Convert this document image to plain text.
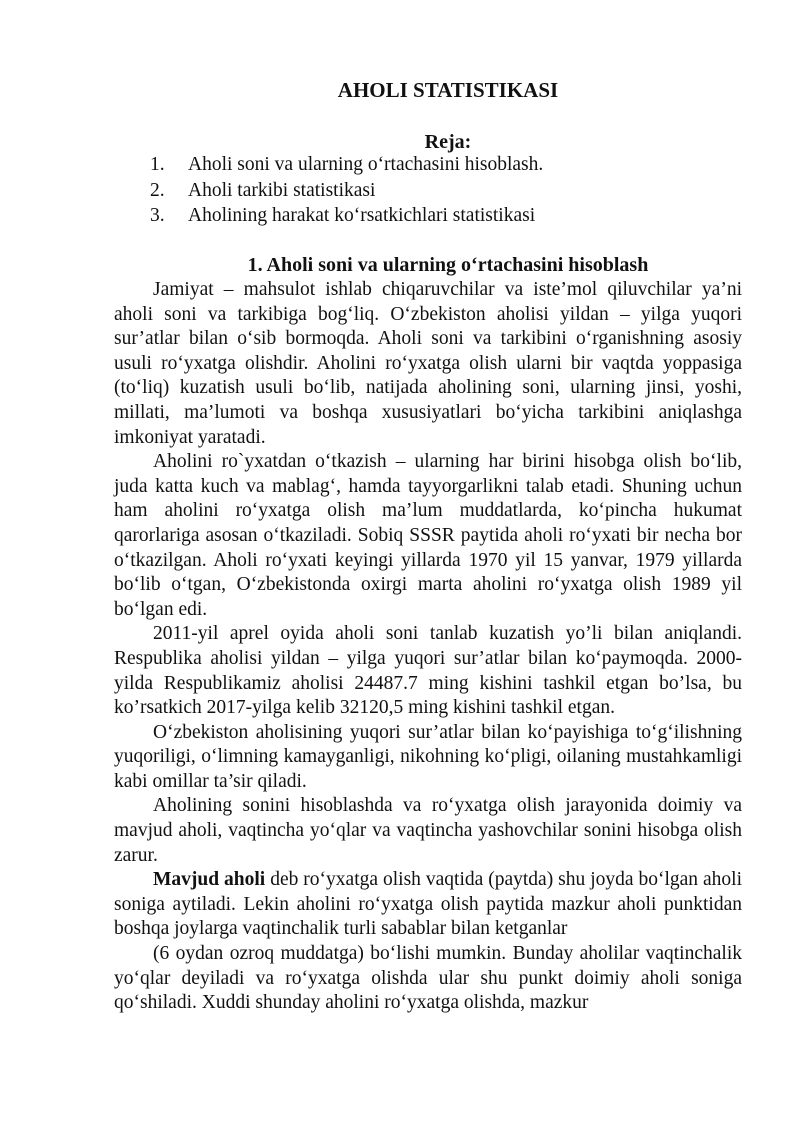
AHOLI STATISTIKASI
Reja:
1. Aholi soni va ularning o‘rtachasini hisoblash.
2. Aholi tarkibi statistikasi
3. Aholining harakat ko‘rsatkichlari statistikasi
1. Aholi soni va ularning o‘rtachasini hisoblash

Jamiyat – mahsulot ishlab chiqaruvchilar va iste’mol qiluvchilar ya’ni aholi soni va tarkibiga bog‘liq. O‘zbekiston aholisi yildan – yilga yuqori sur’atlar bilan o‘sib bormoqda. Aholi soni va tarkibini o‘rganishning asosiy usuli ro‘yxatga olishdir. Aholini ro‘yxatga olish ularni bir vaqtda yoppasiga (to‘liq) kuzatish usuli bo‘lib, natijada aholining soni, ularning jinsi, yoshi, millati, ma’lumoti va boshqa xususiyatlari bo‘yicha tarkibini aniqlashga imkoniyat yaratadi.

Aholini ro`yxatdan o‘tkazish – ularning har birini hisobga olish bo‘lib, juda katta kuch va mablag‘, hamda tayyorgarlikni talab etadi. Shuning uchun ham aholini ro‘yxatga olish ma’lum muddatlarda, ko‘pincha hukumat qarorlariga asosan o‘tkaziladi. Sobiq SSSR paytida aholi ro‘yxati bir necha bor o‘tkazilgan. Aholi ro‘yxati keyingi yillarda 1970 yil 15 yanvar, 1979 yillarda bo‘lib o‘tgan, O‘zbekistonda oxirgi marta aholini ro‘yxatga olish 1989 yil bo‘lgan edi.

2011-yil aprel oyida aholi soni tanlab kuzatish yo’li bilan aniqlandi. Respublika aholisi yildan – yilga yuqori sur’atlar bilan ko‘paymoqda. 2000-yilda Respublikamiz aholisi 24487.7 ming kishini tashkil etgan bo’lsa, bu ko’rsatkich 2017-yilga kelib 32120,5 ming kishini tashkil etgan.

O‘zbekiston aholisining yuqori sur’atlar bilan ko‘payishiga to‘g‘ilishning yuqoriligi, o‘limning kamayganligi, nikohning ko‘pligi, oilaning mustahkamligi kabi omillar ta’sir qiladi.

Aholining sonini hisoblashda va ro‘yxatga olish jarayonida doimiy va mavjud aholi, vaqtincha yo‘qlar va vaqtincha yashovchilar sonini hisobga olish zarur.

Mavjud aholi deb ro‘yxatga olish vaqtida (paytda) shu joyda bo‘lgan aholi soniga aytiladi. Lekin aholini ro‘yxatga olish paytida mazkur aholi punktidan boshqa joylarga vaqtinchalik turli sabablar bilan ketganlar

(6 oydan ozroq muddatga) bo‘lishi mumkin. Bunday aholilar vaqtinchalik yo‘qlar deyiladi va ro‘yxatga olishda ular shu punkt doimiy aholi soniga qo‘shiladi. Xuddi shunday aholini ro‘yxatga olishda, mazkur
